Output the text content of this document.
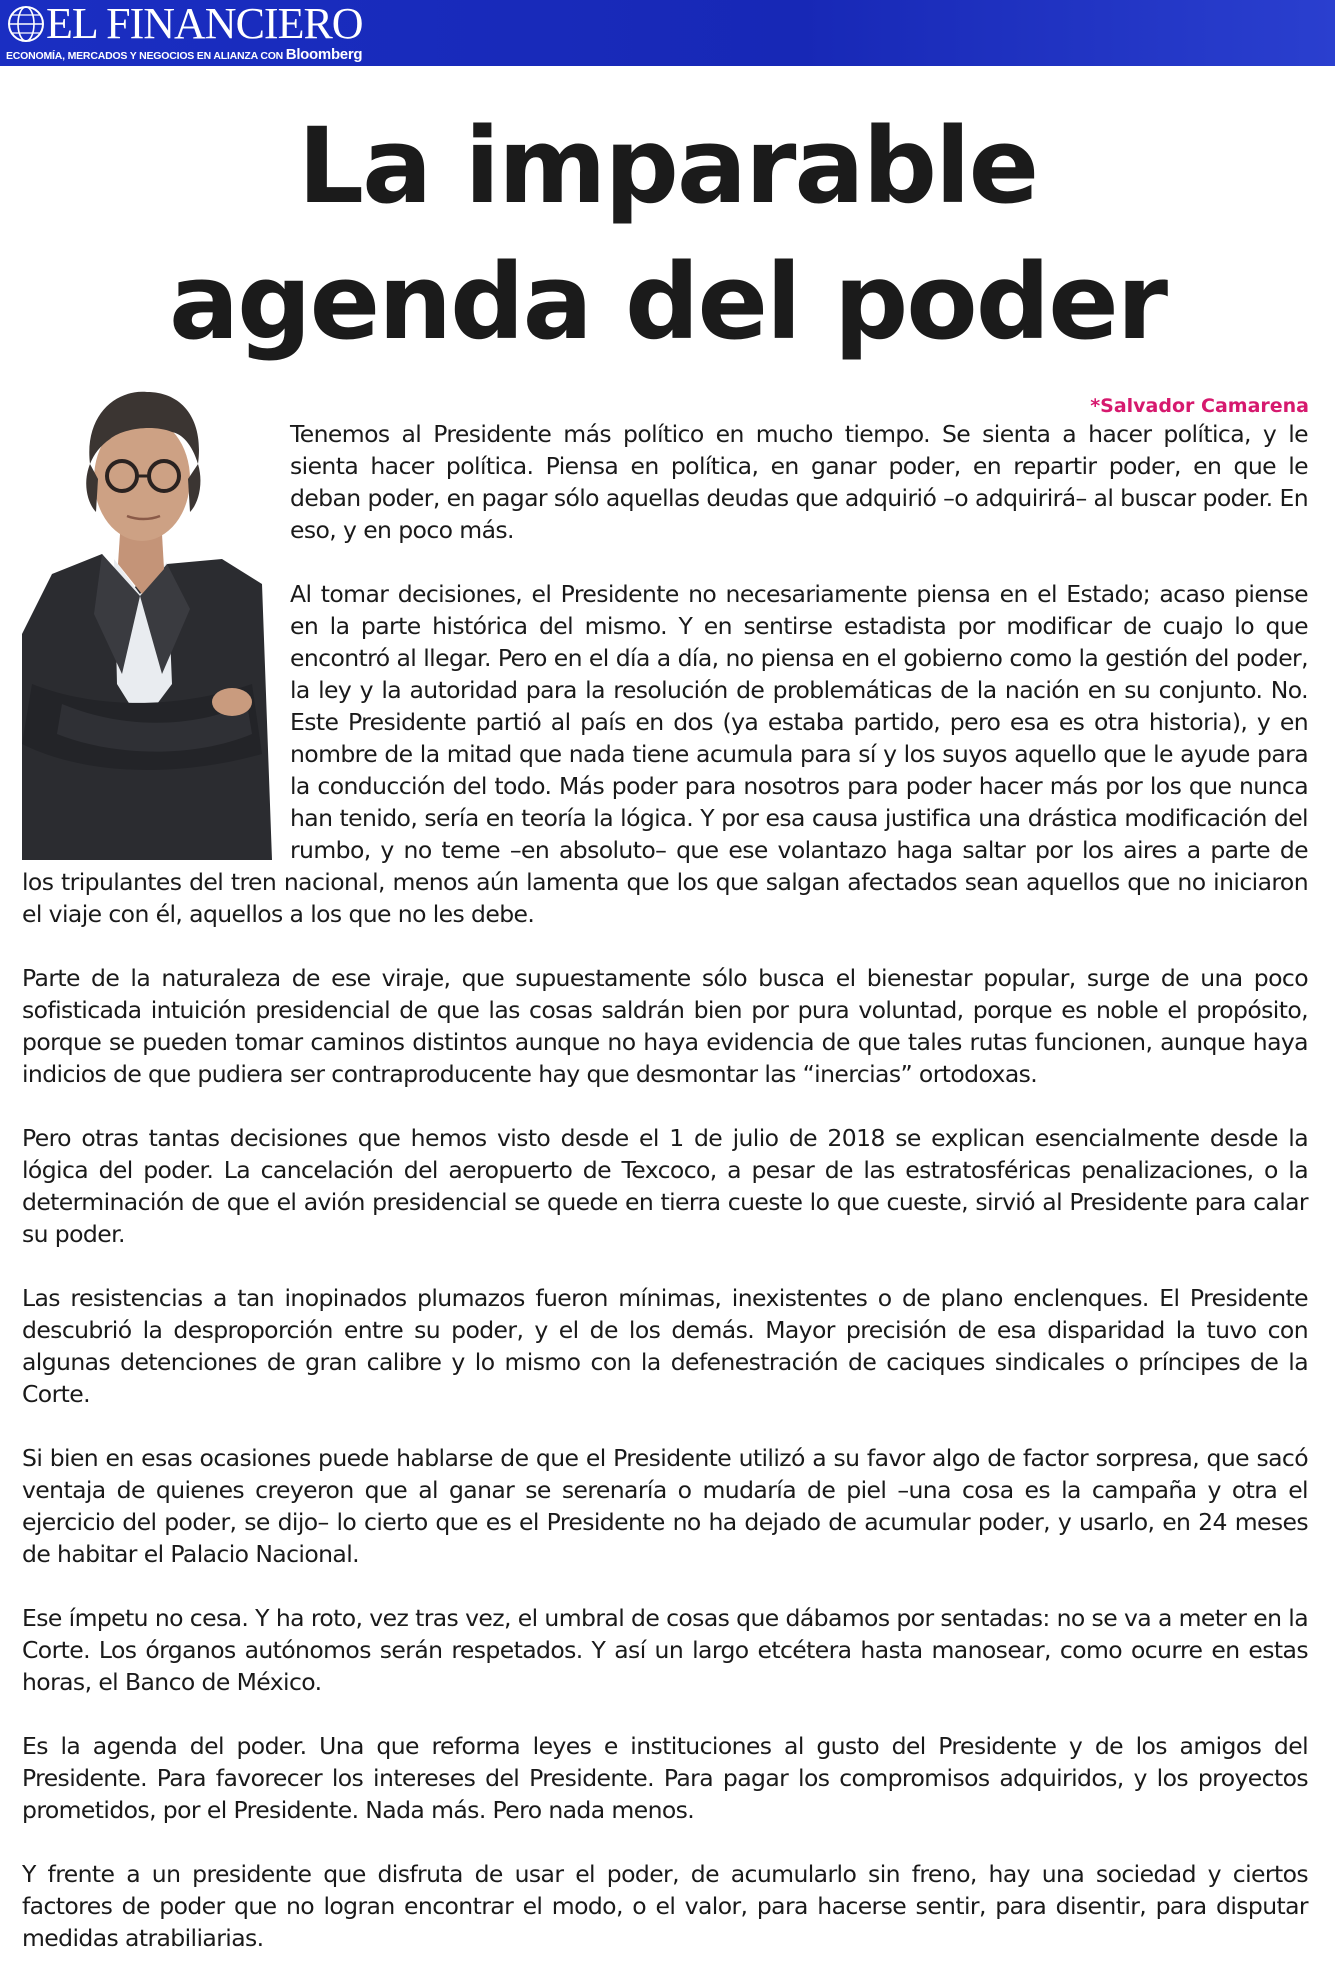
EL FINANCIERO
ECONOMÍA, MERCADOS Y NEGOCIOS EN ALIANZA CON Bloomberg
La imparable
agenda del poder
*Salvador Camarena

Tenemos al Presidente más político en mucho tiempo. Se sienta a hacer política, y le sienta hacer política. Piensa en política, en ganar poder, en repartir poder, en que le deban poder, en pagar sólo aquellas deudas que adquirió –o adquirirá– al buscar poder. En eso, y en poco más.

Al tomar decisiones, el Presidente no necesariamente piensa en el Estado; acaso piense en la parte histórica del mismo. Y en sentirse estadista por modificar de cuajo lo que encontró al llegar. Pero en el día a día, no piensa en el gobierno como la gestión del poder, la ley y la autoridad para la resolución de problemáticas de la nación en su conjunto. No. Este Presidente partió al país en dos (ya estaba partido, pero esa es otra historia), y en nombre de la mitad que nada tiene acumula para sí y los suyos aquello que le ayude para la conducción del todo. Más poder para nosotros para poder hacer más por los que nunca han tenido, sería en teoría la lógica. Y por esa causa justifica una drástica modificación del rumbo, y no teme –en absoluto– que ese volantazo haga saltar por los aires a parte de

los tripulantes del tren nacional, menos aún lamenta que los que salgan afectados sean aquellos que no iniciaron el viaje con él, aquellos a los que no les debe.

Parte de la naturaleza de ese viraje, que supuestamente sólo busca el bienestar popular, surge de una poco sofisticada intuición presidencial de que las cosas saldrán bien por pura voluntad, porque es noble el propósito, porque se pueden tomar caminos distintos aunque no haya evidencia de que tales rutas funcionen, aunque haya indicios de que pudiera ser contraproducente hay que desmontar las “inercias” ortodoxas.

Pero otras tantas decisiones que hemos visto desde el 1 de julio de 2018 se explican esencialmente desde la lógica del poder. La cancelación del aeropuerto de Texcoco, a pesar de las estratosféricas penalizaciones, o la determinación de que el avión presidencial se quede en tierra cueste lo que cueste, sirvió al Presidente para calar su poder.

Las resistencias a tan inopinados plumazos fueron mínimas, inexistentes o de plano enclenques. El Presidente descubrió la desproporción entre su poder, y el de los demás. Mayor precisión de esa disparidad la tuvo con algunas detenciones de gran calibre y lo mismo con la defenestración de caciques sindicales o príncipes de la Corte.

Si bien en esas ocasiones puede hablarse de que el Presidente utilizó a su favor algo de factor sorpresa, que sacó ventaja de quienes creyeron que al ganar se serenaría o mudaría de piel –una cosa es la campaña y otra el ejercicio del poder, se dijo– lo cierto que es el Presidente no ha dejado de acumular poder, y usarlo, en 24 meses de habitar el Palacio Nacional.

Ese ímpetu no cesa. Y ha roto, vez tras vez, el umbral de cosas que dábamos por sentadas: no se va a meter en la Corte. Los órganos autónomos serán respetados. Y así un largo etcétera hasta manosear, como ocurre en estas horas, el Banco de México.

Es la agenda del poder. Una que reforma leyes e instituciones al gusto del Presidente y de los amigos del Presidente. Para favorecer los intereses del Presidente. Para pagar los compromisos adquiridos, y los proyectos prometidos, por el Presidente. Nada más. Pero nada menos.

Y frente a un presidente que disfruta de usar el poder, de acumularlo sin freno, hay una sociedad y ciertos factores de poder que no logran encontrar el modo, o el valor, para hacerse sentir, para disentir, para disputar medidas atrabiliarias.
